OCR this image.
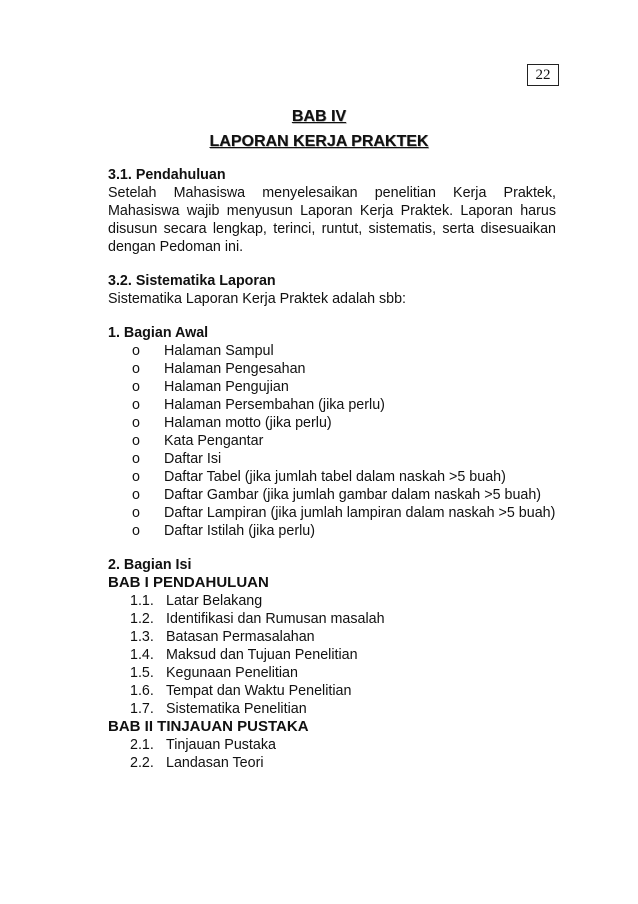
22
BAB IV
LAPORAN KERJA PRAKTEK
3.1. Pendahuluan
Setelah Mahasiswa menyelesaikan penelitian Kerja Praktek, Mahasiswa wajib menyusun Laporan Kerja Praktek. Laporan harus disusun secara lengkap, terinci, runtut, sistematis, serta disesuaikan dengan Pedoman ini.
3.2. Sistematika Laporan
Sistematika Laporan Kerja Praktek adalah sbb:
1. Bagian Awal
o Halaman Sampul
o Halaman Pengesahan
o Halaman Pengujian
o Halaman Persembahan (jika perlu)
o Halaman motto (jika perlu)
o Kata Pengantar
o Daftar Isi
o Daftar Tabel (jika jumlah tabel dalam naskah >5 buah)
o Daftar Gambar (jika jumlah gambar dalam naskah >5 buah)
o Daftar Lampiran (jika jumlah lampiran dalam naskah >5 buah)
o Daftar Istilah (jika perlu)
2. Bagian Isi
BAB I PENDAHULUAN
1.1. Latar Belakang
1.2. Identifikasi dan Rumusan masalah
1.3. Batasan Permasalahan
1.4. Maksud dan Tujuan Penelitian
1.5. Kegunaan Penelitian
1.6. Tempat dan Waktu Penelitian
1.7. Sistematika Penelitian
BAB II TINJAUAN PUSTAKA
2.1. Tinjauan Pustaka
2.2. Landasan Teori
